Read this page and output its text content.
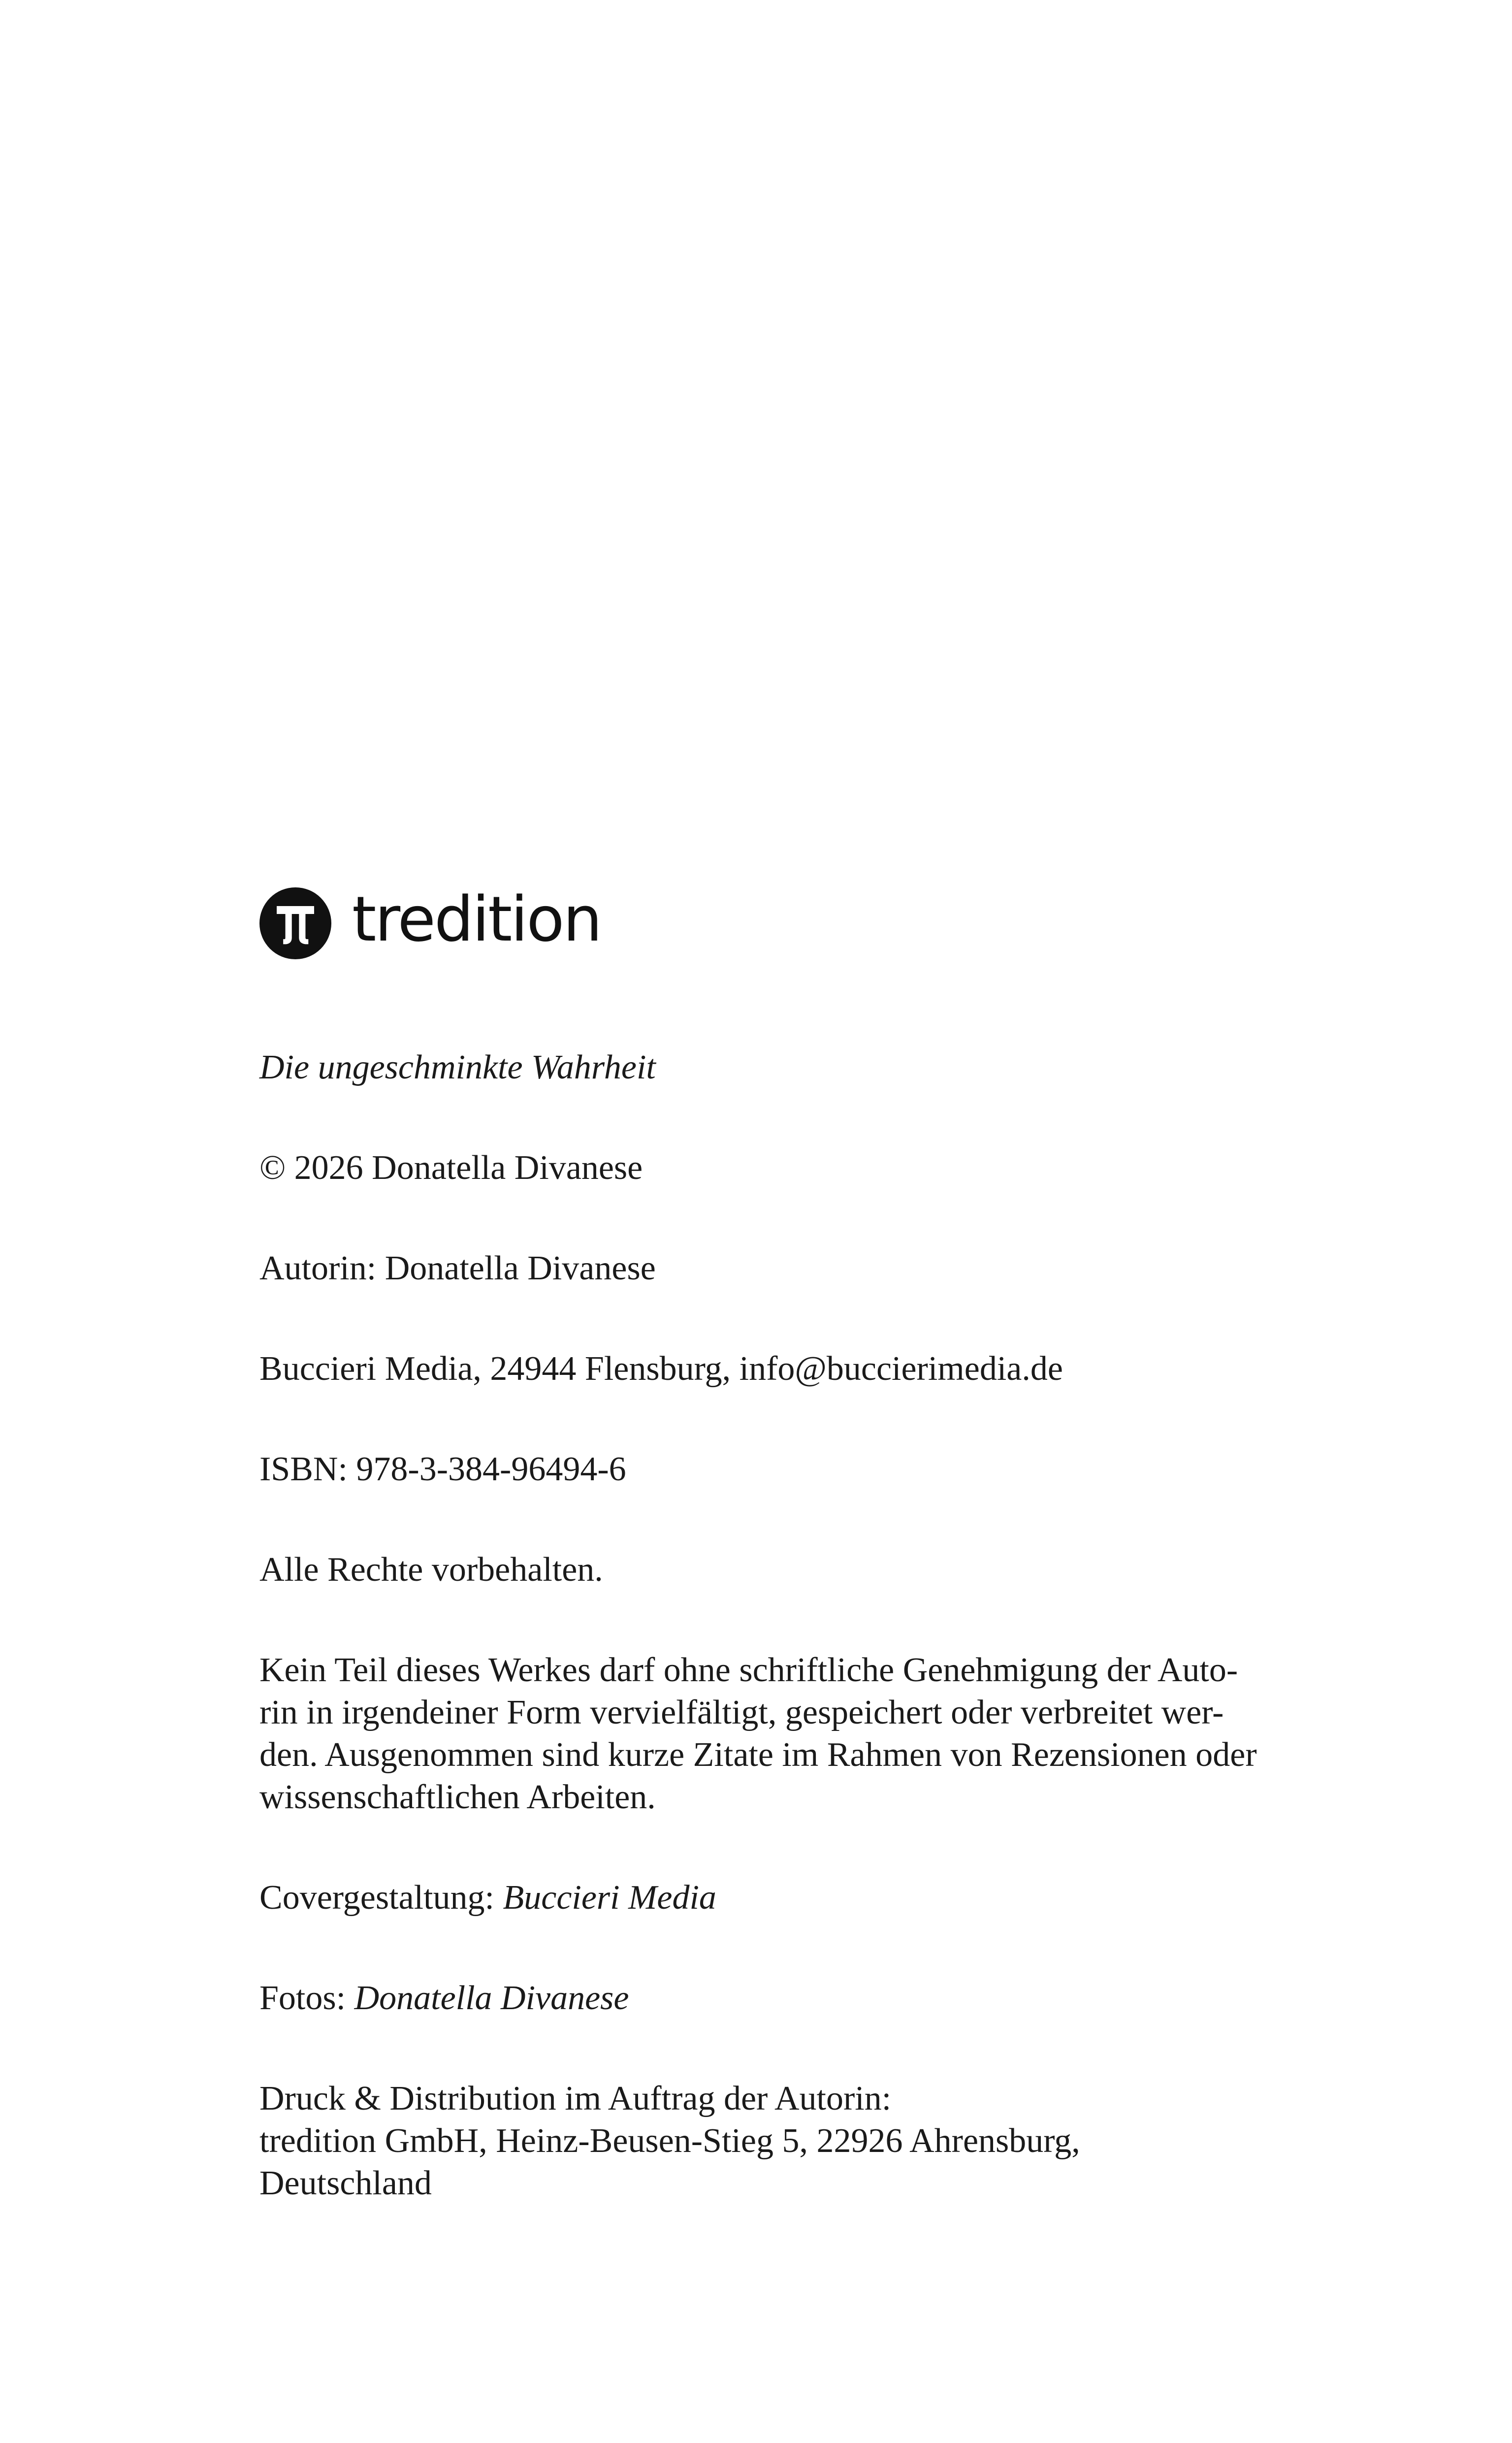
tredition

Die ungeschminkte Wahrheit

© 2026 Donatella Divanese

Autorin: Donatella Divanese

Buccieri Media, 24944 Flensburg, info@buccierimedia.de

ISBN: 978-3-384-96494-6

Alle Rechte vorbehalten.

Kein Teil dieses Werkes darf ohne schriftliche Genehmigung der Auto-
rin in irgendeiner Form vervielfältigt, gespeichert oder verbreitet wer-
den. Ausgenommen sind kurze Zitate im Rahmen von Rezensionen oder
wissenschaftlichen Arbeiten.

Covergestaltung: Buccieri Media

Fotos: Donatella Divanese

Druck & Distribution im Auftrag der Autorin:
tredition GmbH, Heinz-Beusen-Stieg 5, 22926 Ahrensburg,
Deutschland
